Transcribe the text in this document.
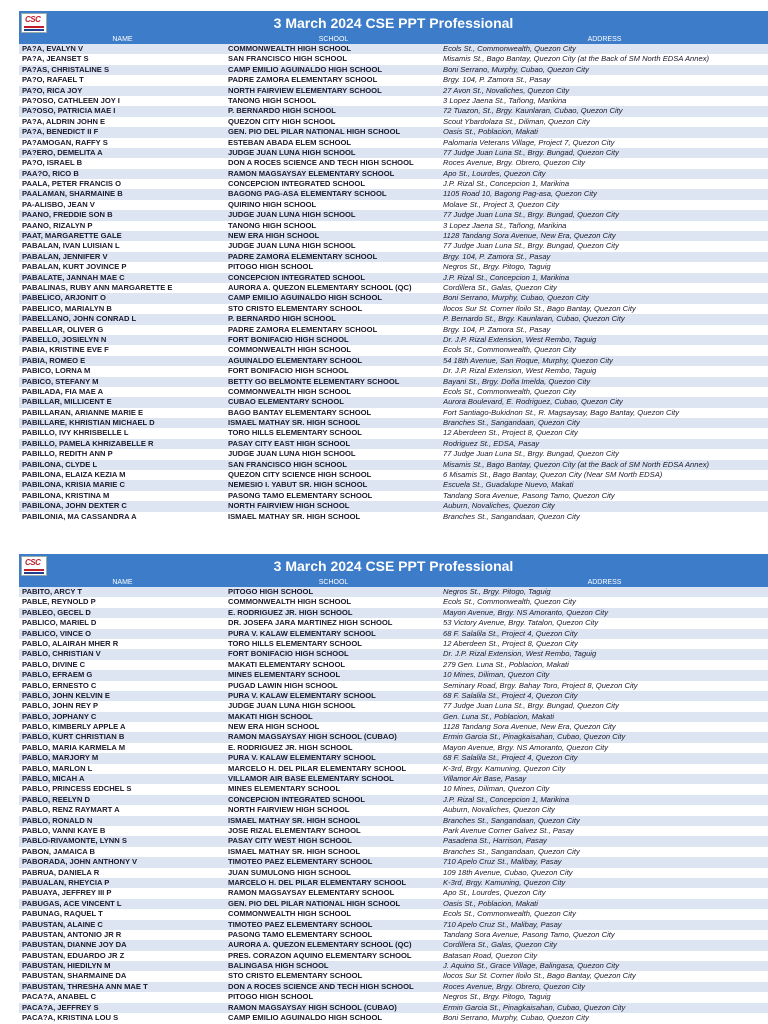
CSC	3 March 2024 CSE PPT Professional
NAME	SCHOOL	ADDRESS
PA?A, EVALYN V	COMMONWEALTH HIGH SCHOOL	Ecols St., Commonwealth, Quezon City
PA?A, JEANSET S	SAN FRANCISCO HIGH SCHOOL	Misamis St., Bago Bantay, Quezon City (at the Back of SM North EDSA Annex)
PA?AS, CHRISTALINE S	CAMP EMILIO AGUINALDO HIGH SCHOOL	Boni Serrano, Murphy, Cubao, Quezon City
PA?O, RAFAEL T	PADRE ZAMORA ELEMENTARY SCHOOL	Brgy. 104, P. Zamora St., Pasay
PA?O, RICA JOY	NORTH FAIRVIEW ELEMENTARY SCHOOL	27 Avon St., Novaliches, Quezon City
PA?OSO, CATHLEEN JOY I	TANONG HIGH SCHOOL	3 Lopez Jaena St., Tañong, Marikina
PA?OSO, PATRICIA MAE I	P. BERNARDO HIGH SCHOOL	72 Tuazon, St., Brgy. Kaunlaran, Cubao, Quezon City
PA?A, ALDRIN JOHN E	QUEZON CITY HIGH SCHOOL	Scout Ybardolaza St., Diliman, Quezon City
PA?A, BENEDICT II F	GEN. PIO DEL PILAR NATIONAL HIGH SCHOOL	Oasis St., Poblacion, Makati
PA?AMOGAN, RAFFY S	ESTEBAN ABADA ELEM SCHOOL	Palomaria Veterans Village, Project 7, Quezon City
PA?ERO, DEMELITA A	JUDGE JUAN LUNA HIGH SCHOOL	77 Judge Juan Luna St., Brgy. Bungad, Quezon City
PA?O, ISRAEL B	DON A ROCES SCIENCE AND TECH HIGH SCHOOL	Roces Avenue, Brgy. Obrero, Quezon City
PAA?O, RICO B	RAMON MAGSAYSAY ELEMENTARY SCHOOL	Apo St., Lourdes, Quezon City
PAALA, PETER FRANCIS O	CONCEPCION INTEGRATED SCHOOL	J.P. Rizal St., Concepcion 1, Marikina
PAALAMAN, SHARMAINE B	BAGONG PAG-ASA ELEMENTARY SCHOOL	1105 Road 10, Bagong Pag-asa, Quezon City
PA-ALISBO, JEAN V	QUIRINO HIGH SCHOOL	Molave St., Project 3, Quezon City
PAANO, FREDDIE SON B	JUDGE JUAN LUNA HIGH SCHOOL	77 Judge Juan Luna St., Brgy. Bungad, Quezon City
PAANO, RIZALYN P	TANONG HIGH SCHOOL	3 Lopez Jaena St., Tañong, Marikina
PAAT, MARGARETTE GALE	NEW ERA HIGH SCHOOL	1128 Tandang Sora Avenue, New Era, Quezon City
PABALAN, IVAN LUISIAN L	JUDGE JUAN LUNA HIGH SCHOOL	77 Judge Juan Luna St., Brgy. Bungad, Quezon City
PABALAN, JENNIFER V	PADRE ZAMORA ELEMENTARY SCHOOL	Brgy. 104, P. Zamora St., Pasay
PABALAN, KURT JOVINCE P	PITOGO HIGH SCHOOL	Negros St., Brgy. Pitogo, Taguig
PABALATE, JANNAH MAE C	CONCEPCION INTEGRATED SCHOOL	J.P. Rizal St., Concepcion 1, Marikina
PABALINAS, RUBY ANN MARGARETTE E	AURORA A. QUEZON ELEMENTARY SCHOOL (QC)	Cordillera St., Galas, Quezon City
PABELICO, ARJONIT O	CAMP EMILIO AGUINALDO HIGH SCHOOL	Boni Serrano, Murphy, Cubao, Quezon City
PABELICO, MARIALYN B	STO CRISTO ELEMENTARY SCHOOL	Ilocos Sur St. Corner Iloilo St., Bago Bantay, Quezon City
PABELLANO, JOHN CONRAD L	P. BERNARDO HIGH SCHOOL	P. Bernardo St., Brgy. Kaunlaran, Cubao, Quezon City
PABELLAR, OLIVER G	PADRE ZAMORA ELEMENTARY SCHOOL	Brgy. 104, P. Zamora St., Pasay
PABELLO, JOSIELYN N	FORT BONIFACIO HIGH SCHOOL	Dr. J.P. Rizal Extension, West Rembo, Taguig
PABIA, KRISTINE EVE F	COMMONWEALTH HIGH SCHOOL	Ecols St., Commonwealth, Quezon City
PABIA, ROMEO E	AGUINALDO ELEMENTARY SCHOOL	54 18th Avenue, San Roque, Murphy, Quezon City
PABICO, LORNA M	FORT BONIFACIO HIGH SCHOOL	Dr. J.P. Rizal Extension, West Rembo, Taguig
PABICO, STEFANY M	BETTY GO BELMONTE ELEMENTARY SCHOOL	Bayani St., Brgy. Doña Imelda, Quezon City
PABILADA, FIA MAE A	COMMONWEALTH HIGH SCHOOL	Ecols St., Commonwealth, Quezon City
PABILLAR, MILLICENT E	CUBAO ELEMENTARY SCHOOL	Aurora Boulevard, E. Rodriguez, Cubao, Quezon City
PABILLARAN, ARIANNE MARIE E	BAGO BANTAY ELEMENTARY SCHOOL	Fort Santiago-Bukidnon St., R. Magsaysay, Bago Bantay, Quezon City
PABILLARE, KHRISTIAN MICHAEL D	ISMAEL MATHAY SR. HIGH SCHOOL	Branches St., Sangandaan, Quezon City
PABILLO, IVY KHRISBELLE L	TORO HILLS ELEMENTARY SCHOOL	12 Aberdeen St., Project 8, Quezon City
PABILLO, PAMELA KHRIZABELLE R	PASAY CITY EAST HIGH SCHOOL	Rodriguez St., EDSA, Pasay
PABILLO, REDITH ANN P	JUDGE JUAN LUNA HIGH SCHOOL	77 Judge Juan Luna St., Brgy. Bungad, Quezon City
PABILONA, CLYDE L	SAN FRANCISCO HIGH SCHOOL	Misamis St., Bago Bantay, Quezon City (at the Back of SM North EDSA Annex)
PABILONA, ELAIZA KEZIA M	QUEZON CITY SCIENCE HIGH SCHOOL	6 Misamis St., Bago Bantay, Quezon City (Near SM North EDSA)
PABILONA, KRISIA MARIE C	NEMESIO I. YABUT SR. HIGH SCHOOL	Escuela St., Guadalupe Nuevo, Makati
PABILONA, KRISTINA M	PASONG TAMO ELEMENTARY SCHOOL	Tandang Sora Avenue, Pasong Tamo, Quezon City
PABILONA, JOHN DEXTER C	NORTH FAIRVIEW HIGH SCHOOL	Auburn, Novaliches, Quezon City
PABILONIA, MA CASSANDRA A	ISMAEL MATHAY SR. HIGH SCHOOL	Branches St., Sangandaan, Quezon City
CSC	3 March 2024 CSE PPT Professional
NAME	SCHOOL	ADDRESS
PABITO, ARCY T	PITOGO HIGH SCHOOL	Negros St., Brgy. Pitogo, Taguig
PABLE, REYNOLD P	COMMONWEALTH HIGH SCHOOL	Ecols St., Commonwealth, Quezon City
PABLEO, GECEL D	E. RODRIGUEZ JR. HIGH SCHOOL	Mayon Avenue, Brgy. NS Amoranto, Quezon City
PABLICO, MARIEL D	DR. JOSEFA JARA MARTINEZ HIGH SCHOOL	53 Victory Avenue, Brgy. Tatalon, Quezon City
PABLICO, VINCE O	PURA V. KALAW ELEMENTARY SCHOOL	68 F. Salalila St., Project 4, Quezon City
PABLO, ALAIRAH MHER R	TORO HILLS ELEMENTARY SCHOOL	12 Aberdeen St., Project 8, Quezon City
PABLO, CHRISTIAN V	FORT BONIFACIO HIGH SCHOOL	Dr. J.P. Rizal Extension, West Rembo, Taguig
PABLO, DIVINE C	MAKATI ELEMENTARY SCHOOL	279 Gen. Luna St., Poblacion, Makati
PABLO, EFRAEM G	MINES ELEMENTARY SCHOOL	10 Mines, Diliman, Quezon City
PABLO, ERNESTO C	PUGAD LAWIN HIGH SCHOOL	Seminary Road, Brgy. Bahay Toro, Project 8, Quezon City
PABLO, JOHN KELVIN E	PURA V. KALAW ELEMENTARY SCHOOL	68 F. Salalila St., Project 4, Quezon City
PABLO, JOHN REY P	JUDGE JUAN LUNA HIGH SCHOOL	77 Judge Juan Luna St., Brgy. Bungad, Quezon City
PABLO, JOPHANY C	MAKATI HIGH SCHOOL	Gen. Luna St., Poblacion, Makati
PABLO, KIMBERLY APPLE A	NEW ERA HIGH SCHOOL	1128 Tandang Sora Avenue, New Era, Quezon City
PABLO, KURT CHRISTIAN B	RAMON MAGSAYSAY HIGH SCHOOL (CUBAO)	Ermin Garcia St., Pinagkaisahan, Cubao, Quezon City
PABLO, MARIA KARMELA M	E. RODRIGUEZ JR. HIGH SCHOOL	Mayon Avenue, Brgy. NS Amoranto, Quezon City
PABLO, MARJORY M	PURA V. KALAW ELEMENTARY SCHOOL	68 F. Salalila St., Project 4, Quezon City
PABLO, MARLON L	MARCELO H. DEL PILAR ELEMENTARY SCHOOL	K-3rd, Brgy. Kamuning, Quezon City
PABLO, MICAH A	VILLAMOR AIR BASE ELEMENTARY SCHOOL	Villamor Air Base, Pasay
PABLO, PRINCESS EDCHEL S	MINES ELEMENTARY SCHOOL	10 Mines, Diliman, Quezon City
PABLO, REELYN D	CONCEPCION INTEGRATED SCHOOL	J.P. Rizal St., Concepcion 1, Marikina
PABLO, RENZ RAYMART A	NORTH FAIRVIEW HIGH SCHOOL	Auburn, Novaliches, Quezon City
PABLO, RONALD N	ISMAEL MATHAY SR. HIGH SCHOOL	Branches St., Sangandaan, Quezon City
PABLO, VANNI KAYE B	JOSE RIZAL ELEMENTARY SCHOOL	Park Avenue Corner Galvez St., Pasay
PABLO-RIVAMONTE, LYNN S	PASAY CITY WEST HIGH SCHOOL	Pasadena St., Harrison, Pasay
PABON, JAMAICA B	ISMAEL MATHAY SR. HIGH SCHOOL	Branches St., Sangandaan, Quezon City
PABORADA, JOHN ANTHONY V	TIMOTEO PAEZ ELEMENTARY SCHOOL	710 Apelo Cruz St., Malibay, Pasay
PABRUA, DANIELA R	JUAN SUMULONG HIGH SCHOOL	109 18th Avenue, Cubao, Quezon City
PABUALAN, RHEYCIA P	MARCELO H. DEL PILAR ELEMENTARY SCHOOL	K-3rd, Brgy. Kamuning, Quezon City
PABUAYA, JEFFREY III P	RAMON MAGSAYSAY ELEMENTARY SCHOOL	Apo St., Lourdes, Quezon City
PABUGAS, ACE VINCENT L	GEN. PIO DEL PILAR NATIONAL HIGH SCHOOL	Oasis St., Poblacion, Makati
PABUNAG, RAQUEL T	COMMONWEALTH HIGH SCHOOL	Ecols St., Commonwealth, Quezon City
PABUSTAN, ALAINE C	TIMOTEO PAEZ ELEMENTARY SCHOOL	710 Apelo Cruz St., Malibay, Pasay
PABUSTAN, ANTONIO JR R	PASONG TAMO ELEMENTARY SCHOOL	Tandang Sora Avenue, Pasong Tamo, Quezon City
PABUSTAN, DIANNE JOY DA	AURORA A. QUEZON ELEMENTARY SCHOOL (QC)	Cordillera St., Galas, Quezon City
PABUSTAN, EDUARDO JR Z	PRES. CORAZON AQUINO ELEMENTARY SCHOOL	Batasan Road, Quezon City
PABUSTAN, HIEDILYN M	BALINGASA HIGH SCHOOL	J. Aquino St., Grace Village, Balingasa, Quezon City
PABUSTAN, SHARMAINE DA	STO CRISTO ELEMENTARY SCHOOL	Ilocos Sur St. Corner Iloilo St., Bago Bantay, Quezon City
PABUSTAN, THRESHA ANN MAE T	DON A ROCES SCIENCE AND TECH HIGH SCHOOL	Roces Avenue, Brgy. Obrero, Quezon City
PACA?A, ANABEL C	PITOGO HIGH SCHOOL	Negros St., Brgy. Pitogo, Taguig
PACA?A, JEFFREY S	RAMON MAGSAYSAY HIGH SCHOOL (CUBAO)	Ermin Garcia St., Pinagkaisahan, Cubao, Quezon City
PACA?A, KRISTINA LOU S	CAMP EMILIO AGUINALDO HIGH SCHOOL	Boni Serrano, Murphy, Cubao, Quezon City
